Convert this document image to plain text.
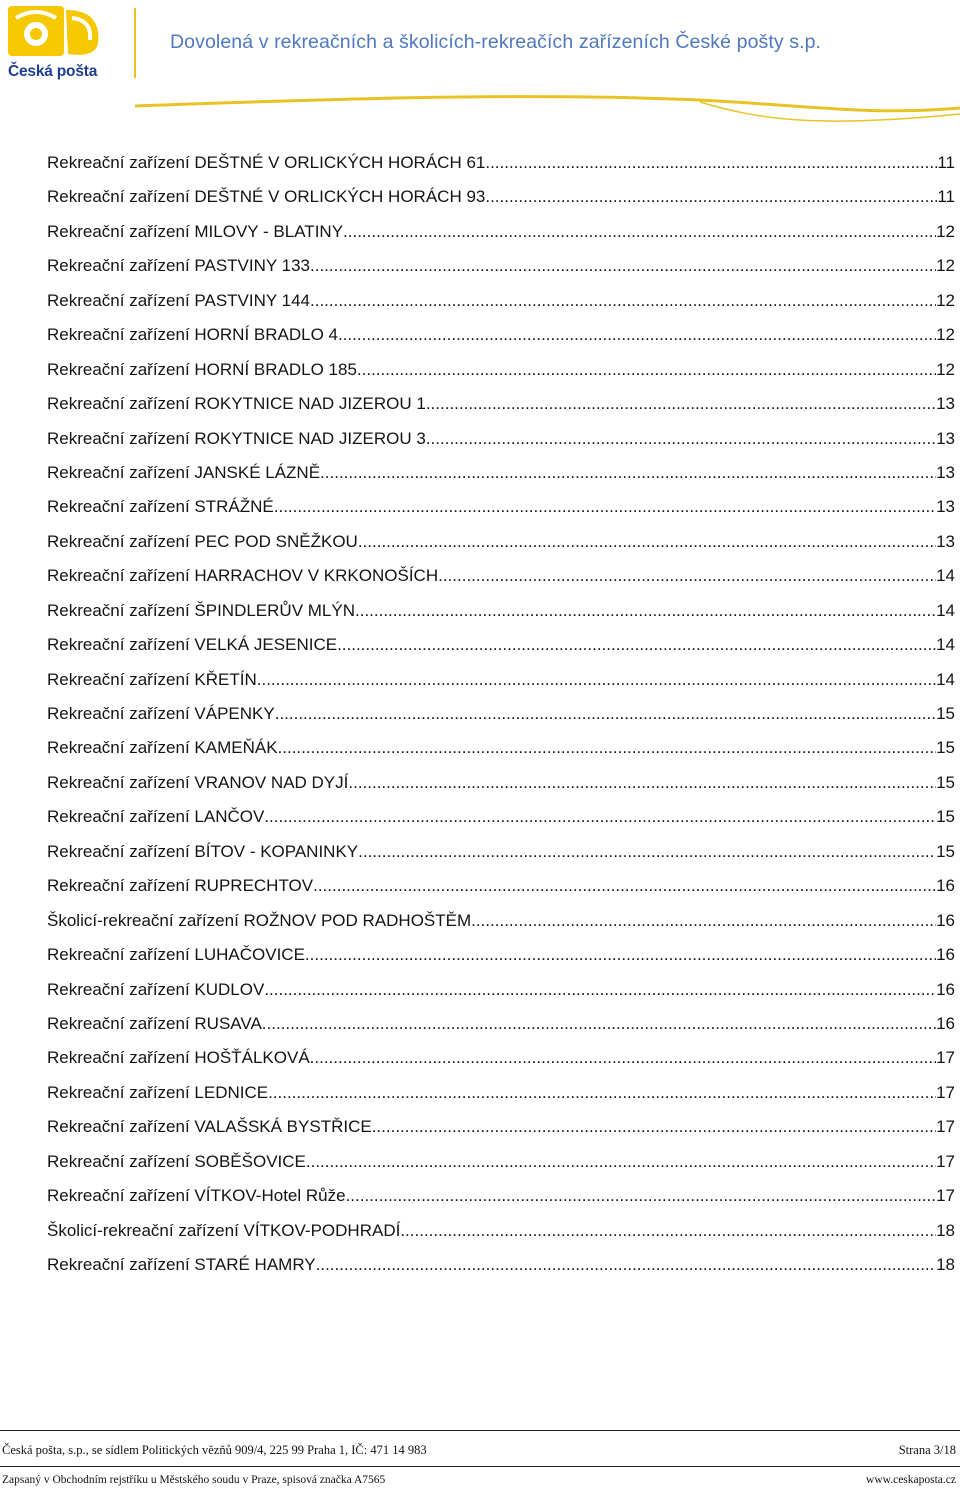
Česká pošta
Dovolená v rekreačních a školicích-rekreačích zařízeních České pošty s.p.
Rekreační zařízení DEŠTNÉ V ORLICKÝCH HORÁCH 61 .....	11
Rekreační zařízení DEŠTNÉ V ORLICKÝCH HORÁCH 93 .....	11
Rekreační zařízení MILOVY - BLATINY .....	12
Rekreační zařízení PASTVINY 133 .....	12
Rekreační zařízení PASTVINY 144 .....	12
Rekreační zařízení HORNÍ BRADLO 4 .....	12
Rekreační zařízení HORNÍ BRADLO 185 .....	12
Rekreační zařízení ROKYTNICE NAD JIZEROU 1 .....	13
Rekreační zařízení ROKYTNICE NAD JIZEROU 3 .....	13
Rekreační zařízení JANSKÉ LÁZNĚ .....	13
Rekreační zařízení STRÁŽNÉ .....	13
Rekreační zařízení PEC POD SNĚŽKOU .....	13
Rekreační zařízení HARRACHOV V KRKONOŠÍCH .....	14
Rekreační zařízení ŠPINDLERŮV MLÝN .....	14
Rekreační zařízení VELKÁ JESENICE .....	14
Rekreační zařízení KŘETÍN .....	14
Rekreační zařízení VÁPENKY .....	15
Rekreační zařízení KAMEŇÁK .....	15
Rekreační zařízení VRANOV NAD DYJÍ .....	15
Rekreační zařízení LANČOV .....	15
Rekreační zařízení BÍTOV - KOPANINKY .....	15
Rekreační zařízení RUPRECHTOV .....	16
Školicí-rekreační zařízení ROŽNOV POD RADHOŠTĚM .....	16
Rekreační zařízení LUHAČOVICE .....	16
Rekreační zařízení KUDLOV .....	16
Rekreační zařízení RUSAVA .....	16
Rekreační zařízení HOŠŤÁLKOVÁ .....	17
Rekreační zařízení LEDNICE .....	17
Rekreační zařízení VALAŠSKÁ BYSTŘICE .....	17
Rekreační zařízení SOBĚŠOVICE .....	17
Rekreační zařízení VÍTKOV-Hotel Růže .....	17
Školicí-rekreační zařízení VÍTKOV-PODHRADÍ .....	18
Rekreační zařízení STARÉ HAMRY .....	18
Česká pošta, s.p., se sídlem Politických vězňů 909/4, 225 99 Praha 1, IČ: 471 14 983	Strana 3/18
Zapsaný v Obchodním rejstříku u Městského soudu v Praze, spisová značka A7565	www.ceskaposta.cz
